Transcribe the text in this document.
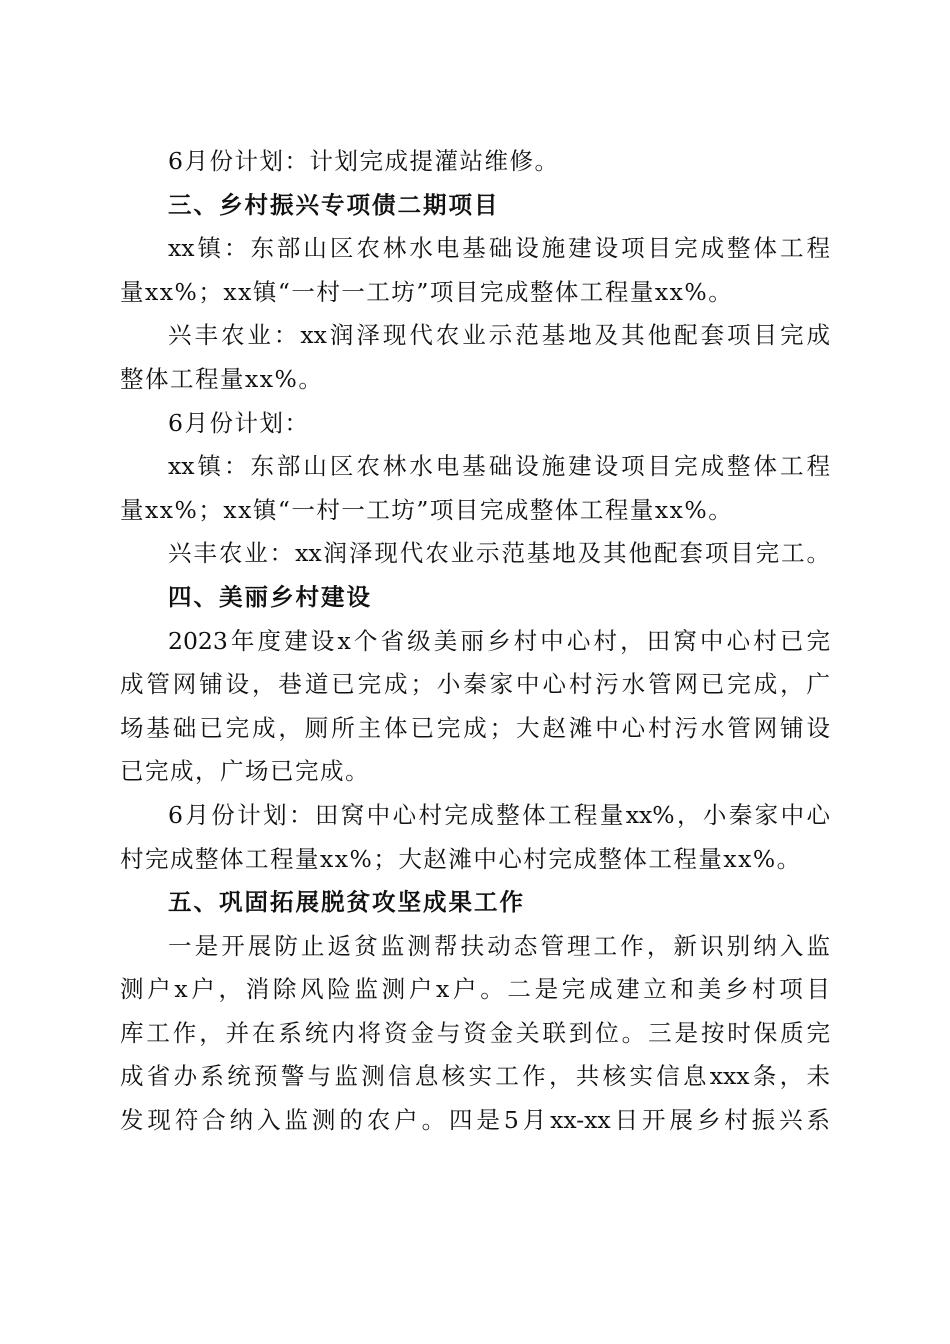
6月份计划：计划完成提灌站维修。
三、乡村振兴专项债二期项目
xx镇：东部山区农林水电基础设施建设项目完成整体工程
量xx%；xx镇“一村一工坊”项目完成整体工程量xx%。
兴丰农业：xx润泽现代农业示范基地及其他配套项目完成
整体工程量xx%。
6月份计划：
xx镇：东部山区农林水电基础设施建设项目完成整体工程
量xx%；xx镇“一村一工坊”项目完成整体工程量xx%。
兴丰农业：xx润泽现代农业示范基地及其他配套项目完工。
四、美丽乡村建设
2023年度建设x个省级美丽乡村中心村，田窝中心村已完
成管网铺设，巷道已完成；小秦家中心村污水管网已完成，广
场基础已完成，厕所主体已完成；大赵滩中心村污水管网铺设
已完成，广场已完成。
6月份计划：田窝中心村完成整体工程量xx%，小秦家中心
村完成整体工程量xx%；大赵滩中心村完成整体工程量xx%。
五、巩固拓展脱贫攻坚成果工作
一是开展防止返贫监测帮扶动态管理工作，新识别纳入监
测户x户，消除风险监测户x户。二是完成建立和美乡村项目
库工作，并在系统内将资金与资金关联到位。三是按时保质完
成省办系统预警与监测信息核实工作，共核实信息xxx条，未
发现符合纳入监测的农户。四是5月xx-xx日开展乡村振兴系
